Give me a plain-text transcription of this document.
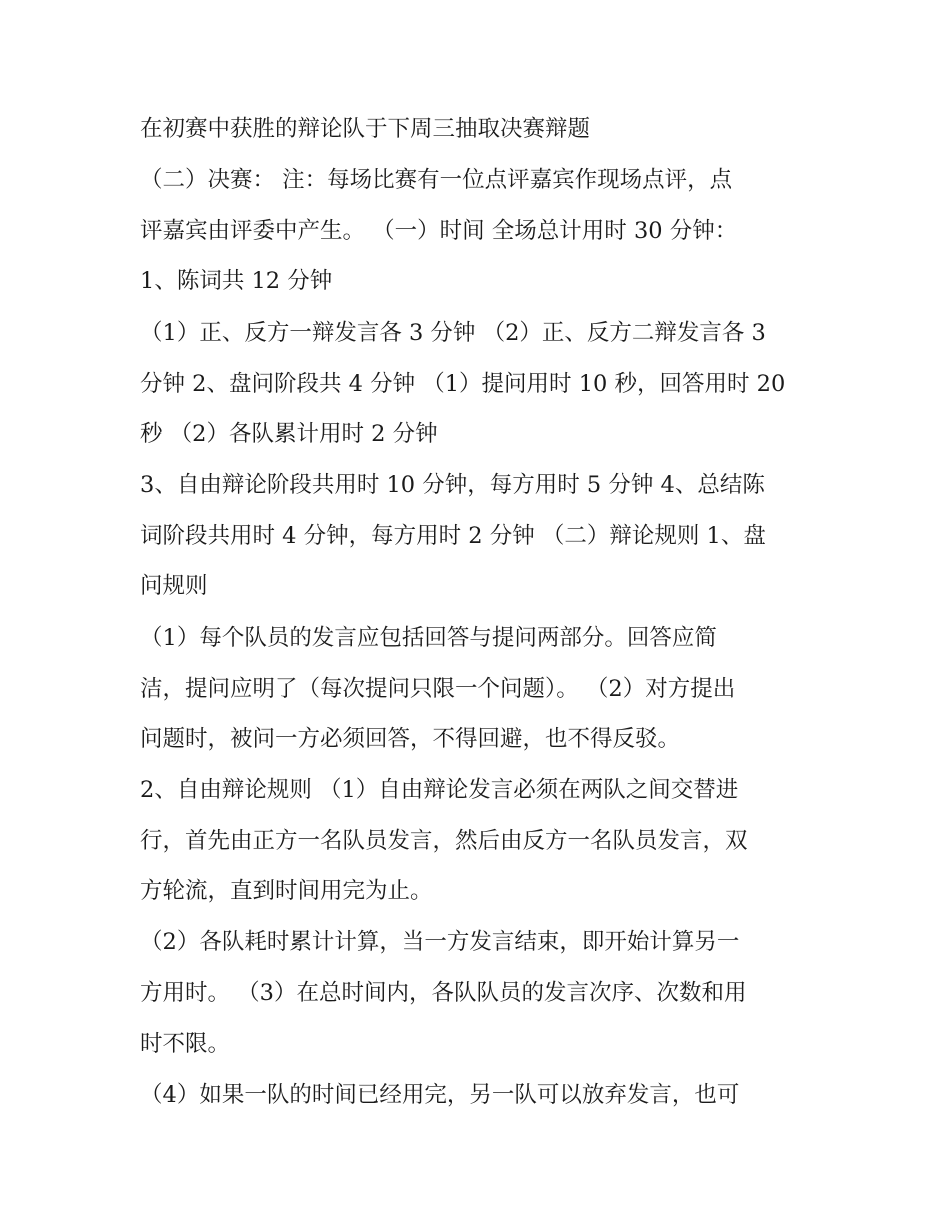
在初赛中获胜的辩论队于下周三抽取决赛辩题
（二）决赛： 注：每场比赛有一位点评嘉宾作现场点评，点
评嘉宾由评委中产生。 （一）时间 全场总计用时 30 分钟：
1、陈词共 12 分钟
（1）正、反方一辩发言各 3 分钟 （2）正、反方二辩发言各 3
分钟 2、盘问阶段共 4 分钟 （1）提问用时 10 秒，回答用时 20
秒 （2）各队累计用时 2 分钟
3、自由辩论阶段共用时 10 分钟，每方用时 5 分钟 4、总结陈
词阶段共用时 4 分钟，每方用时 2 分钟 （二）辩论规则 1、盘
问规则
（1）每个队员的发言应包括回答与提问两部分。回答应简
洁，提问应明了（每次提问只限一个问题）。 （2）对方提出
问题时，被问一方必须回答，不得回避，也不得反驳。
2、自由辩论规则 （1）自由辩论发言必须在两队之间交替进
行，首先由正方一名队员发言，然后由反方一名队员发言，双
方轮流，直到时间用完为止。
（2）各队耗时累计计算，当一方发言结束，即开始计算另一
方用时。 （3）在总时间内，各队队员的发言次序、次数和用
时不限。
（4）如果一队的时间已经用完，另一队可以放弃发言，也可
